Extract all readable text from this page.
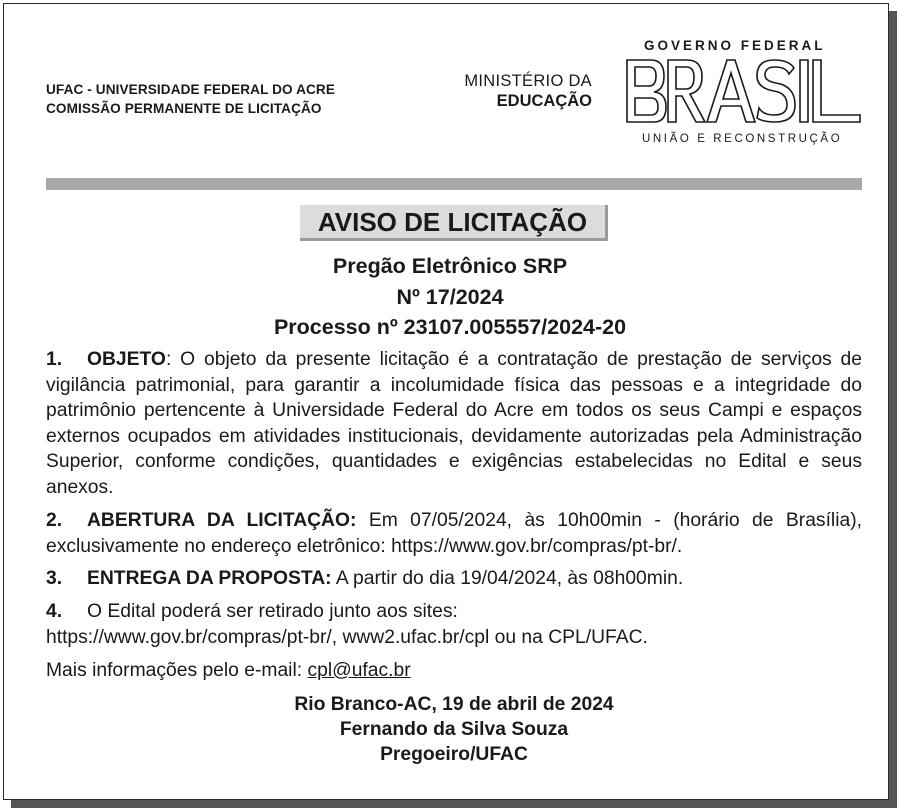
UFAC - UNIVERSIDADE FEDERAL DO ACRE
COMISSÃO PERMANENTE DE LICITAÇÃO
MINISTÉRIO DA
EDUCAÇÃO
GOVERNO FEDERAL
UNIÃO E RECONSTRUÇÃO
AVISO DE LICITAÇÃO
Pregão Eletrônico SRP
Nº 17/2024
Processo nº 23107.005557/2024-20
1. OBJETO: O objeto da presente licitação é a contratação de prestação de serviços de vigilância patrimonial, para garantir a incolumidade física das pessoas e a integridade do patrimônio pertencente à Universidade Federal do Acre em todos os seus Campi e espaços externos ocupados em atividades institucionais, devidamente autorizadas pela Administração Superior, conforme condições, quantidades e exigências estabelecidas no Edital e seus anexos.
2. ABERTURA DA LICITAÇÃO: Em 07/05/2024, às 10h00min - (horário de Brasília), exclusivamente no endereço eletrônico: https://www.gov.br/compras/pt-br/.
3. ENTREGA DA PROPOSTA: A partir do dia 19/04/2024, às 08h00min.
4. O Edital poderá ser retirado junto aos sites:
https://www.gov.br/compras/pt-br/, www2.ufac.br/cpl ou na CPL/UFAC.
Mais informações pelo e-mail: cpl@ufac.br
Rio Branco-AC, 19 de abril de 2024
Fernando da Silva Souza
Pregoeiro/UFAC
